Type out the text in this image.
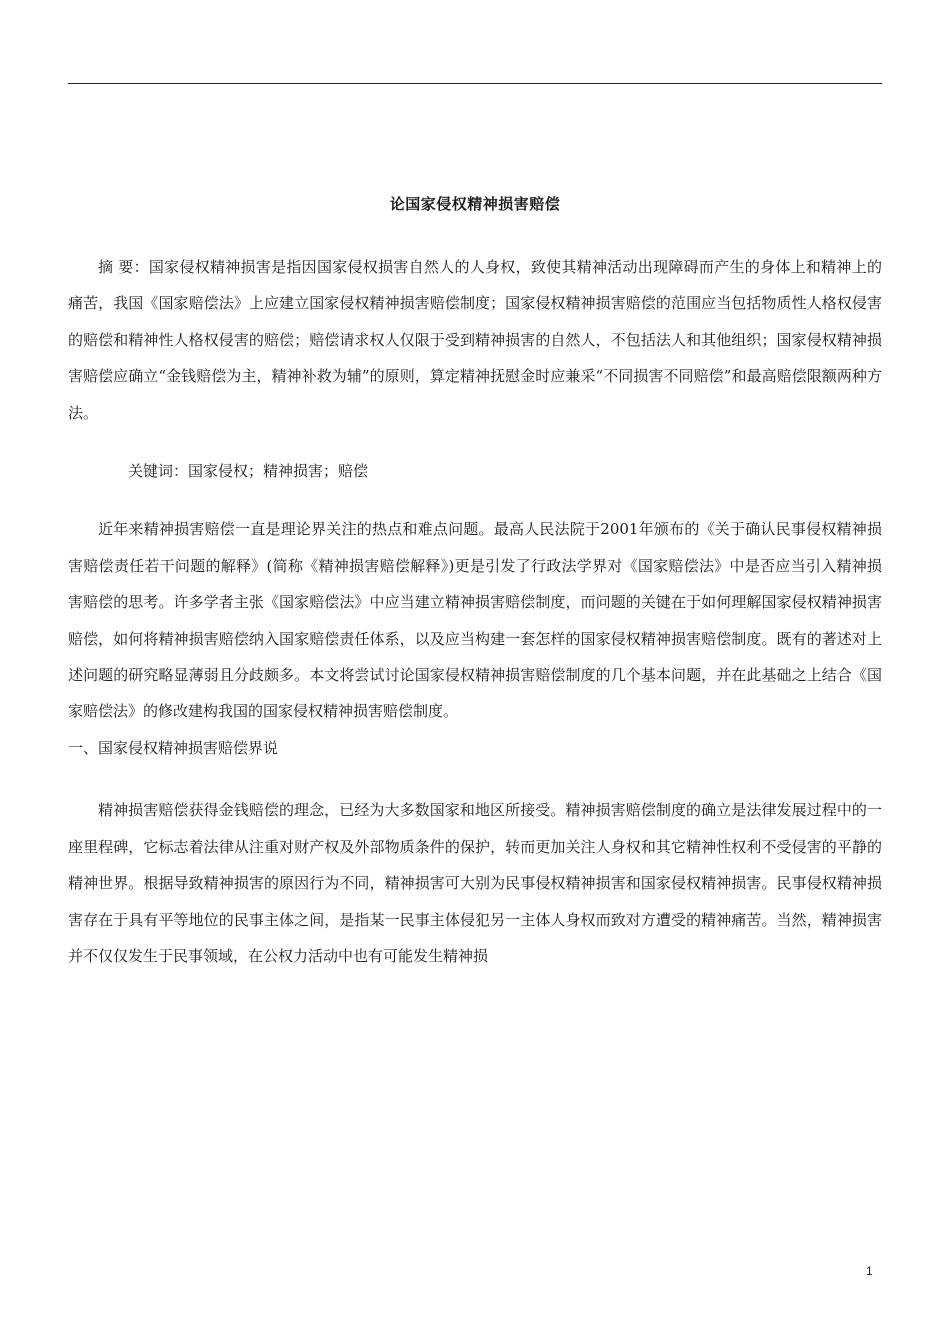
论国家侵权精神损害赔偿

摘 要：国家侵权精神损害是指因国家侵权损害自然人的人身权，致使其精神活动出现障碍而产生的身体上和精神上的痛苦，我国《国家赔偿法》上应建立国家侵权精神损害赔偿制度；国家侵权精神损害赔偿的范围应当包括物质性人格权侵害的赔偿和精神性人格权侵害的赔偿；赔偿请求权人仅限于受到精神损害的自然人，不包括法人和其他组织；国家侵权精神损害赔偿应确立“金钱赔偿为主，精神补救为辅”的原则，算定精神抚慰金时应兼采“不同损害不同赔偿”和最高赔偿限额两种方法。

关键词：国家侵权；精神损害；赔偿

近年来精神损害赔偿一直是理论界关注的热点和难点问题。最高人民法院于2001年颁布的《关于确认民事侵权精神损害赔偿责任若干问题的解释》(简称《精神损害赔偿解释》)更是引发了行政法学界对《国家赔偿法》中是否应当引入精神损害赔偿的思考。许多学者主张《国家赔偿法》中应当建立精神损害赔偿制度，而问题的关键在于如何理解国家侵权精神损害赔偿，如何将精神损害赔偿纳入国家赔偿责任体系，以及应当构建一套怎样的国家侵权精神损害赔偿制度。既有的著述对上述问题的研究略显薄弱且分歧颇多。本文将尝试讨论国家侵权精神损害赔偿制度的几个基本问题，并在此基础之上结合《国家赔偿法》的修改建构我国的国家侵权精神损害赔偿制度。

一、国家侵权精神损害赔偿界说

精神损害赔偿获得金钱赔偿的理念，已经为大多数国家和地区所接受。精神损害赔偿制度的确立是法律发展过程中的一座里程碑，它标志着法律从注重对财产权及外部物质条件的保护，转而更加关注人身权和其它精神性权利不受侵害的平静的精神世界。根据导致精神损害的原因行为不同，精神损害可大别为民事侵权精神损害和国家侵权精神损害。民事侵权精神损害存在于具有平等地位的民事主体之间，是指某一民事主体侵犯另一主体人身权而致对方遭受的精神痛苦。当然，精神损害并不仅仅发生于民事领域，在公权力活动中也有可能发生精神损

1
